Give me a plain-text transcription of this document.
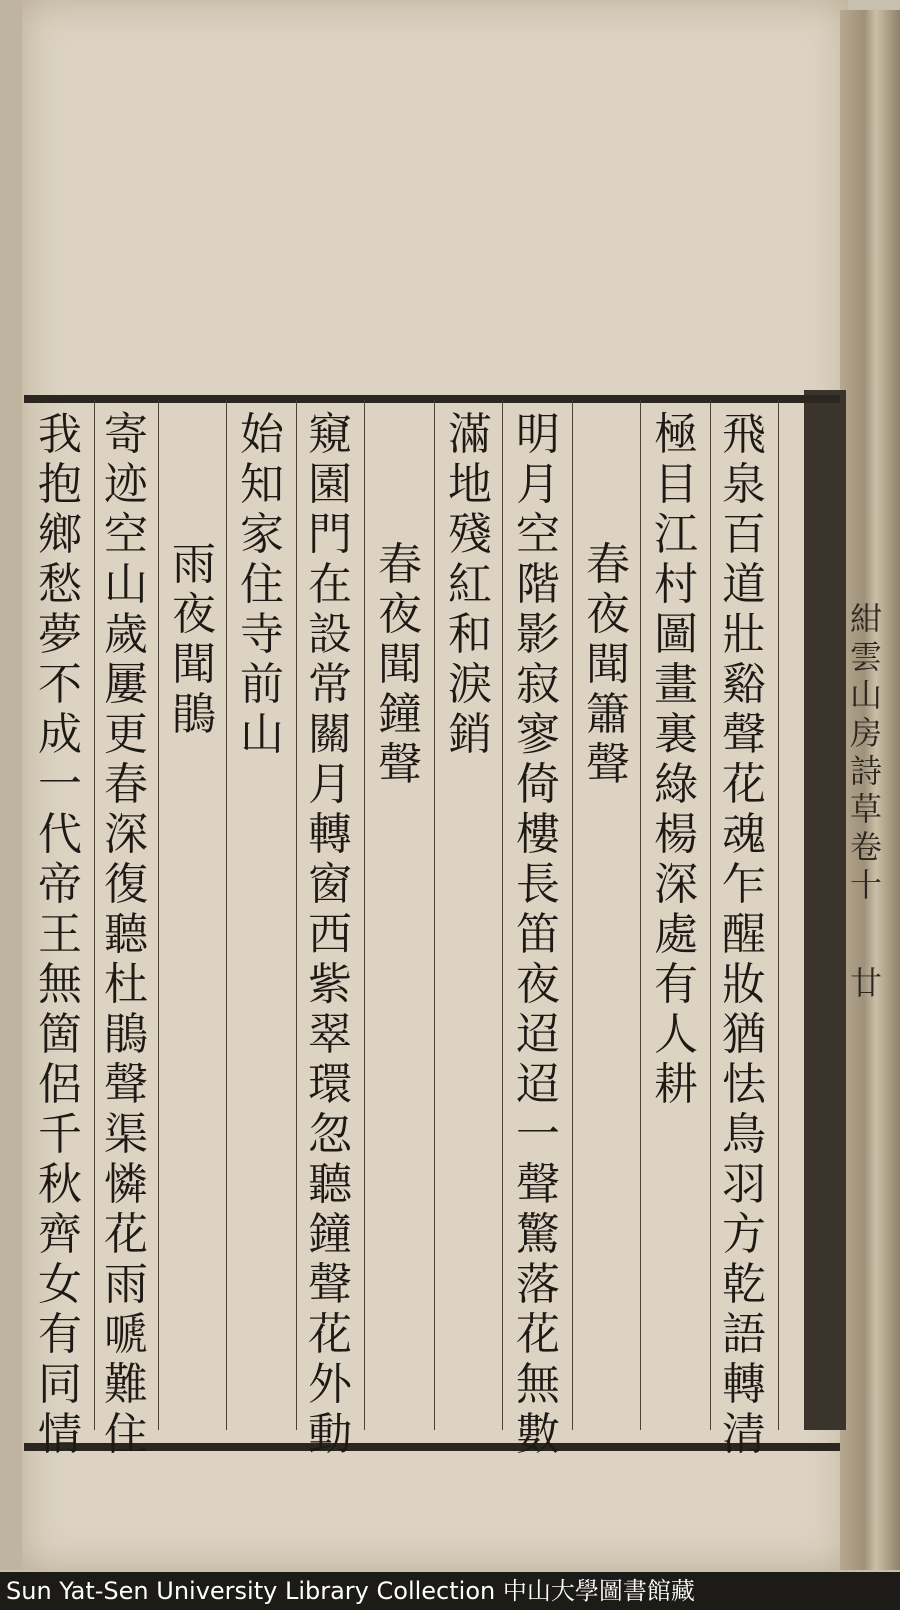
飛
泉
百
道
壯
谿
聲
花
魂
乍
醒
妝
猶
怯
鳥
羽
方
乾
語
轉
清
極
目
江
村
圖
畫
裏
綠
楊
深
處
有
人
耕
春
夜
聞
簫
聲
明
月
空
階
影
寂
寥
倚
樓
長
笛
夜
迢
迢
一
聲
驚
落
花
無
數
滿
地
殘
紅
和
淚
銷
春
夜
聞
鐘
聲
窺
園
門
在
設
常
關
月
轉
窗
西
紫
翠
環
忽
聽
鐘
聲
花
外
動
始
知
家
住
寺
前
山
雨
夜
聞
鵑
寄
迹
空
山
歲
屢
更
春
深
復
聽
杜
鵑
聲
渠
憐
花
雨
嗁
難
住
我
抱
鄉
愁
夢
不
成
一
代
帝
王
無
箇
侶
千
秋
齊
女
有
同
情
紺
雲
山
房
詩
草
卷
十
廿
Sun Yat-Sen University Library Collection 中山大學圖書館藏
